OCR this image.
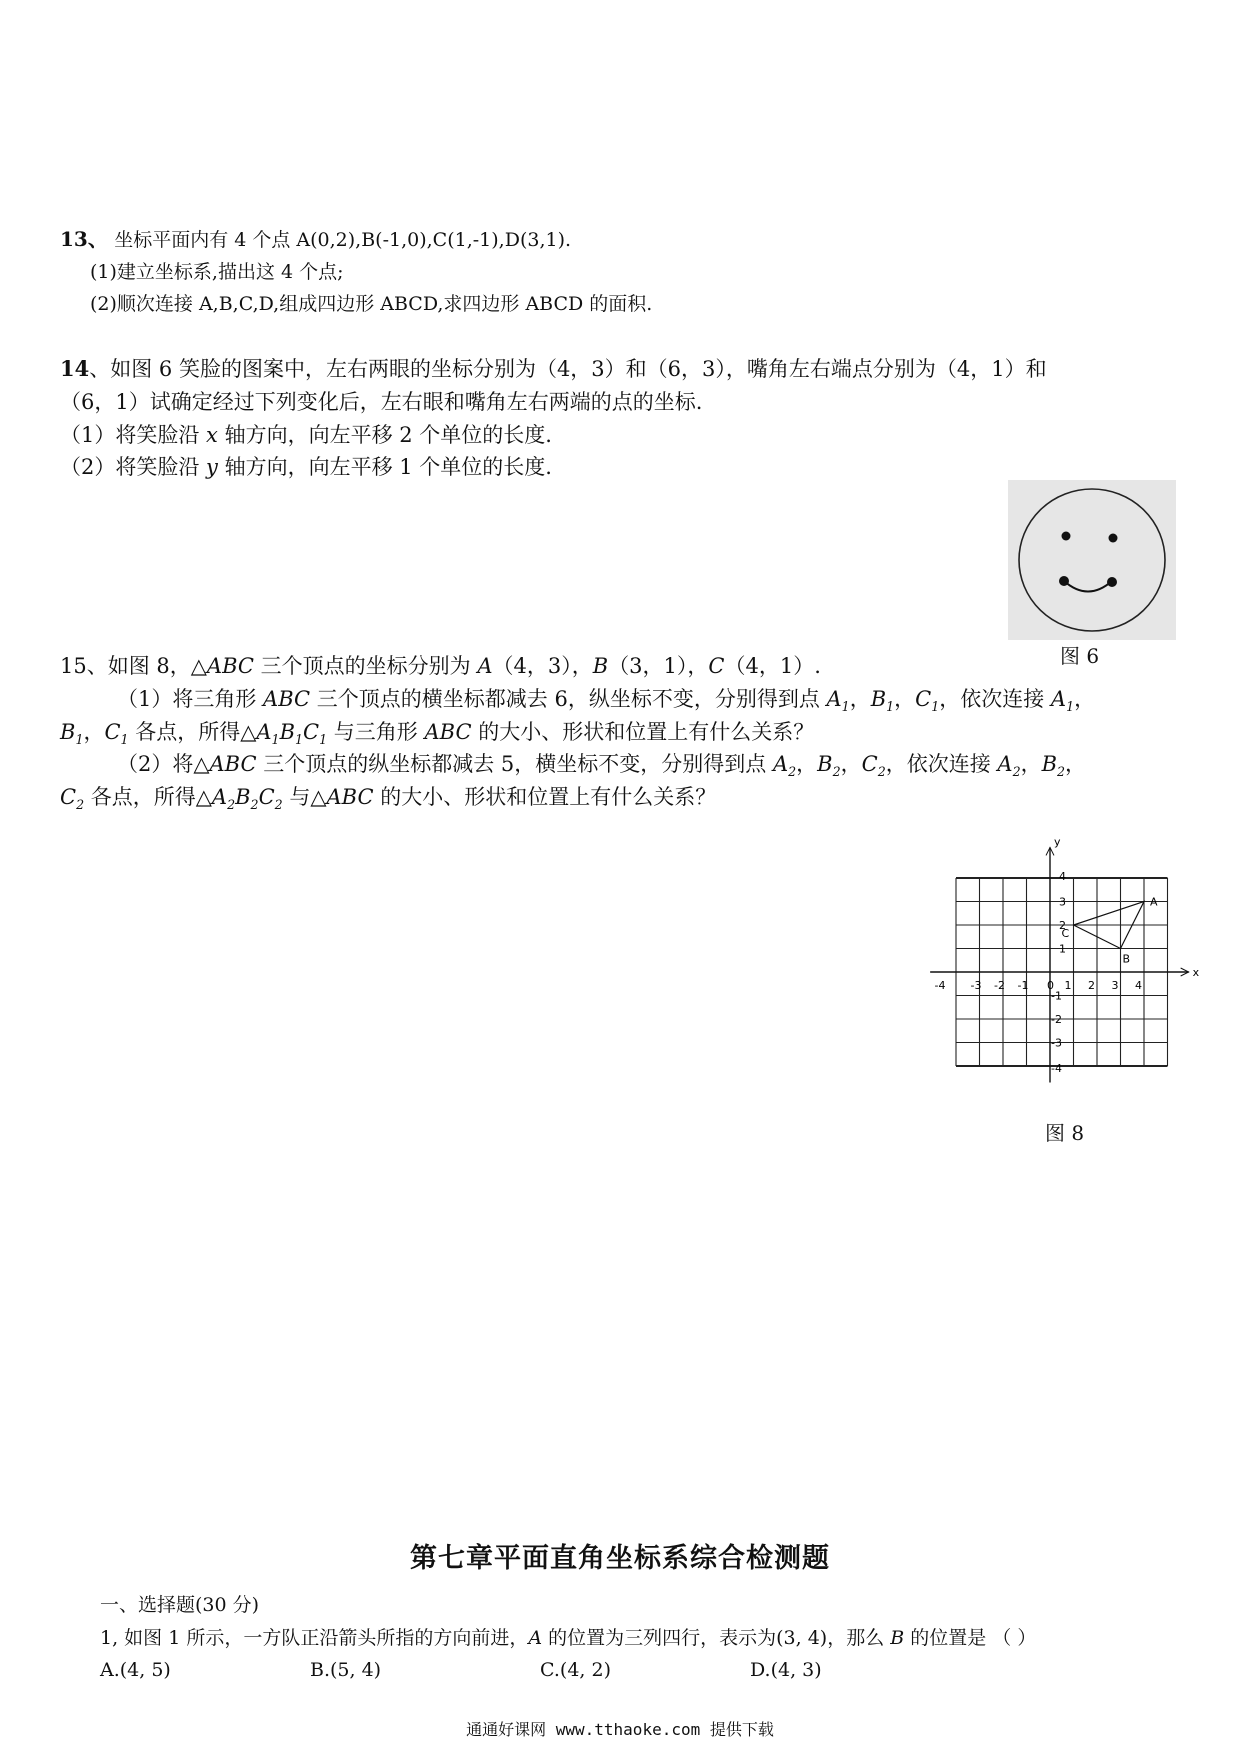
13、 坐标平面内有 4 个点 A(0,2),B(-1,0),C(1,-1),D(3,1).
(1)建立坐标系,描出这 4 个点;
(2)顺次连接 A,B,C,D,组成四边形 ABCD,求四边形 ABCD 的面积.
14、如图 6 笑脸的图案中，左右两眼的坐标分别为（4，3）和（6，3），嘴角左右端点分别为（4，1）和
（6，1）试确定经过下列变化后，左右眼和嘴角左右两端的点的坐标.
（1）将笑脸沿 x 轴方向，向左平移 2 个单位的长度.
（2）将笑脸沿 y 轴方向，向左平移 1 个单位的长度.
图 6
15、如图 8，△ABC 三个顶点的坐标分别为 A（4，3），B（3，1），C（4，1）.
（1）将三角形 ABC 三个顶点的横坐标都减去 6，纵坐标不变，分别得到点 $A_1$，$B_1$，$C_1$，依次连接 $A_1$，
$B_1$，$C_1$ 各点，所得$\triangle A_1B_1C_1$ 与三角形 ABC 的大小、形状和位置上有什么关系？
（2）将△ABC 三个顶点的纵坐标都减去 5，横坐标不变，分别得到点 $A_2$，$B_2$，$C_2$，依次连接 $A_2$，$B_2$，
$C_2$ 各点，所得$\triangle A_2B_2C_2$ 与△ABC 的大小、形状和位置上有什么关系？
x
y
-4 -3 -2 -1 0 1 2 3 4
4
3
2
1
-1
-2
-3
-4
A
B
C
图 8
第七章平面直角坐标系综合检测题
一、选择题(30 分)
1, 如图 1 所示，一方队正沿箭头所指的方向前进，A 的位置为三列四行，表示为(3, 4)，那么 B 的位置是 （ ）
A.(4, 5)	B.(5, 4)	C.(4, 2)	D.(4, 3)
通通好课网 www.tthaoke.com 提供下载
